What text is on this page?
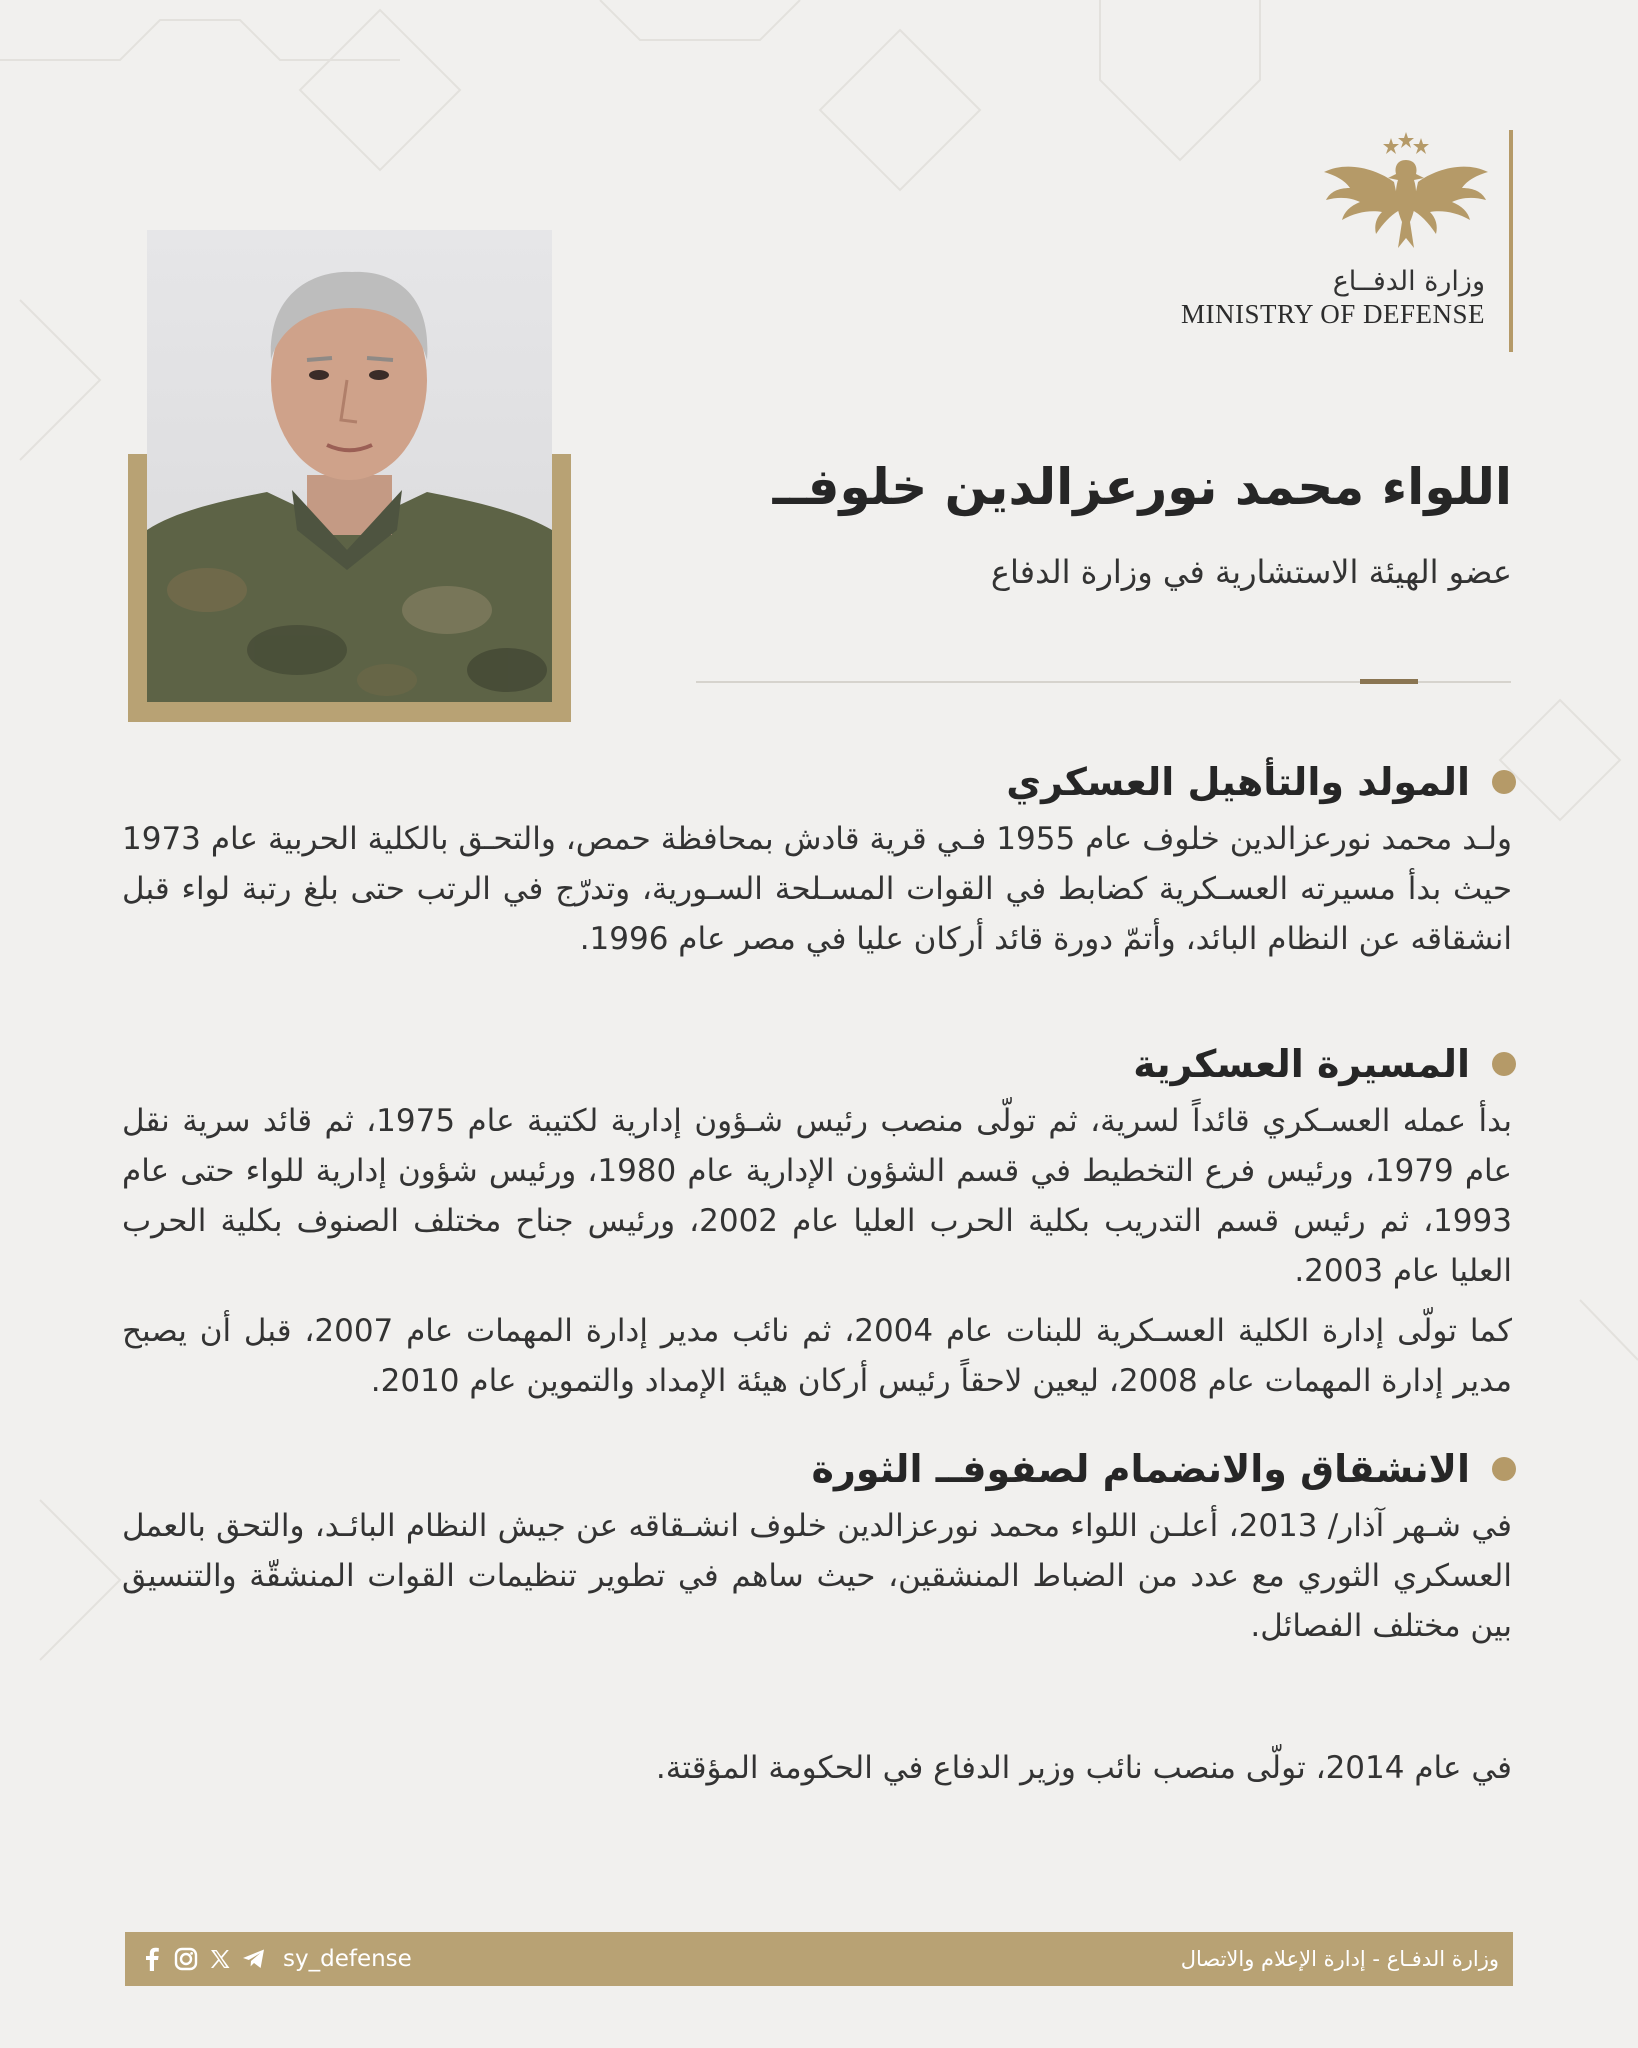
وزارة الدفــاع
MINISTRY OF DEFENSE
اللواء محمد نورعزالدين خلوفــ
عضو الهيئة الاستشارية في وزارة الدفاع
المولد والتأهيل العسكري

ولـد محمد نورعزالدين خلوف عام 1955 فـي قرية قادش بمحافظة حمص، والتحـق بالكلية الحربية عام 1973 حيث بدأ مسيرته العسـكرية كضابط في القوات المسـلحة السـورية، وتدرّج في الرتب حتى بلغ رتبة لواء قبل انشقاقه عن النظام البائد، وأتمّ دورة قائد أركان عليا في مصر عام 1996.

المسيرة العسكرية

بدأ عمله العسـكري قائداً لسرية، ثم تولّى منصب رئيس شـؤون إدارية لكتيبة عام 1975، ثم قائد سرية نقل عام 1979، ورئيس فرع التخطيط في قسم الشؤون الإدارية عام 1980، ورئيس شؤون إدارية للواء حتى عام 1993، ثم رئيس قسم التدريب بكلية الحرب العليا عام 2002، ورئيس جناح مختلف الصنوف بكلية الحرب العليا عام 2003.

كما تولّى إدارة الكلية العسـكرية للبنات عام 2004، ثم نائب مدير إدارة المهمات عام 2007، قبل أن يصبح مدير إدارة المهمات عام 2008، ليعين لاحقاً رئيس أركان هيئة الإمداد والتموين عام 2010.

الانشقاق والانضمام لصفوفــ الثورة

في شـهر آذار/ 2013، أعلـن اللواء محمد نورعزالدين خلوف انشـقاقه عن جيش النظام البائـد، والتحق بالعمل العسكري الثوري مع عدد من الضباط المنشقين، حيث ساهم في تطوير تنظيمات القوات المنشقّة والتنسيق بين مختلف الفصائل.

في عام 2014، تولّى منصب نائب وزير الدفاع في الحكومة المؤقتة.
sy_defense	وزارة الدفـاع - إدارة الإعلام والاتصال
